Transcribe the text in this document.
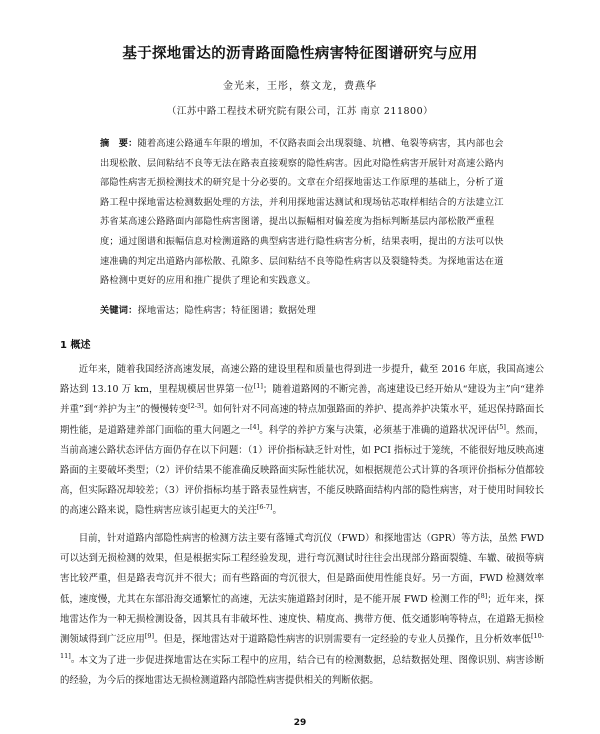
基于探地雷达的沥青路面隐性病害特征图谱研究与应用
金光来，王彤，蔡文龙，费燕华
（江苏中路工程技术研究院有限公司，江苏 南京 211800）
摘　要：随着高速公路通车年限的增加，不仅路表面会出现裂缝、坑槽、龟裂等病害，其内部也会出现松散、层间粘结不良等无法在路表直接观察的隐性病害。因此对隐性病害开展针对高速公路内部隐性病害无损检测技术的研究是十分必要的。文章在介绍探地雷达工作原理的基础上，分析了道路工程中探地雷达检测数据处理的方法，并利用探地雷达测试和现场钻芯取样相结合的方法建立江苏省某高速公路路面内部隐性病害图谱，提出以振幅相对偏差度为指标判断基层内部松散严重程度；通过图谱和振幅信息对检测道路的典型病害进行隐性病害分析，结果表明，提出的方法可以快速准确的判定出道路内部松散、孔隙多、层间粘结不良等隐性病害以及裂缝特类。为探地雷达在道路检测中更好的应用和推广提供了理论和实践意义。
关键词：探地雷达；隐性病害；特征图谱；数据处理
1 概述

近年来，随着我国经济高速发展，高速公路的建设里程和质量也得到进一步提升，截至 2016 年底，我国高速公路达到 13.10 万 km，里程规模居世界第一位[1]；随着道路网的不断完善，高速建设已经开始从“建设为主”向“建养并重”到“养护为主”的慢慢转变[2-3]。如何针对不同高速的特点加强路面的养护、提高养护决策水平，延迟保持路面长期性能，是道路建养部门面临的重大问题之一[4]。科学的养护方案与决策，必须基于准确的道路状况评估[5]。然而，当前高速公路状态评估方面仍存在以下问题：（1）评价指标缺乏针对性，如 PCI 指标过于笼统，不能很好地反映高速路面的主要破坏类型；（2）评价结果不能准确反映路面实际性能状况，如根据规范公式计算的各项评价指标分值都较高，但实际路况却较差；（3）评价指标均基于路表显性病害，不能反映路面结构内部的隐性病害，对于使用时间较长的高速公路来说，隐性病害应该引起更大的关注[6-7]。

目前，针对道路内部隐性病害的检测方法主要有落锤式弯沉仪（FWD）和探地雷达（GPR）等方法，虽然 FWD 可以达到无损检测的效果，但是根据实际工程经验发现，进行弯沉测试时往往会出现部分路面裂缝、车辙、破损等病害比较严重，但是路表弯沉并不很大；而有些路面的弯沉很大，但是路面使用性能良好。另一方面，FWD 检测效率低，速度慢，尤其在东部沿海交通繁忙的高速，无法实施道路封闭时，是不能开展 FWD 检测工作的[8]；近年来，探地雷达作为一种无损检测设备，因其具有非破坏性、速度快、精度高、携带方便、低交通影响等特点，在道路无损检测领域得到广泛应用[9]。但是，探地雷达对于道路隐性病害的识别需要有一定经验的专业人员操作，且分析效率低[10-11]。

本文为了进一步促进探地雷达在实际工程中的应用，结合已有的检测数据，总结数据处理、图像识别、病害诊断的经验，为今后的探地雷达无损检测道路内部隐性病害提供相关的判断依据。

29
